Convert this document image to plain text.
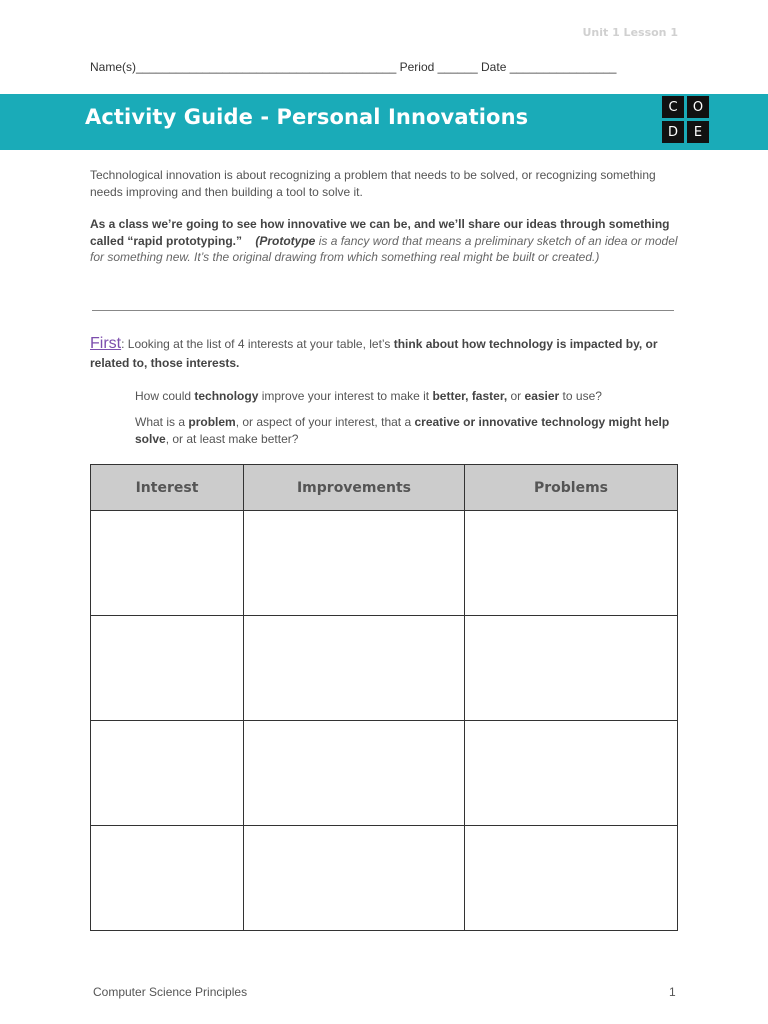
Unit 1 Lesson 1
Name(s)_______________________________________ Period ______ Date ________________
Activity Guide - Personal Innovations	C	O
D	E
Technological innovation is about recognizing a problem that needs to be solved, or recognizing something needs improving and then building a tool to solve it.
As a class we’re going to see how innovative we can be, and we’ll share our ideas through something called “rapid prototyping.” (Prototype is a fancy word that means a preliminary sketch of an idea or model for something new. It’s the original drawing from which something real might be built or created.)
First: Looking at the list of 4 interests at your table, let’s think about how technology is impacted by, or related to, those interests.
How could technology improve your interest to make it better, faster, or easier to use?
What is a problem, or aspect of your interest, that a creative or innovative technology might help solve, or at least make better?
Interest	Improvements	Problems

Computer Science Principles	1
